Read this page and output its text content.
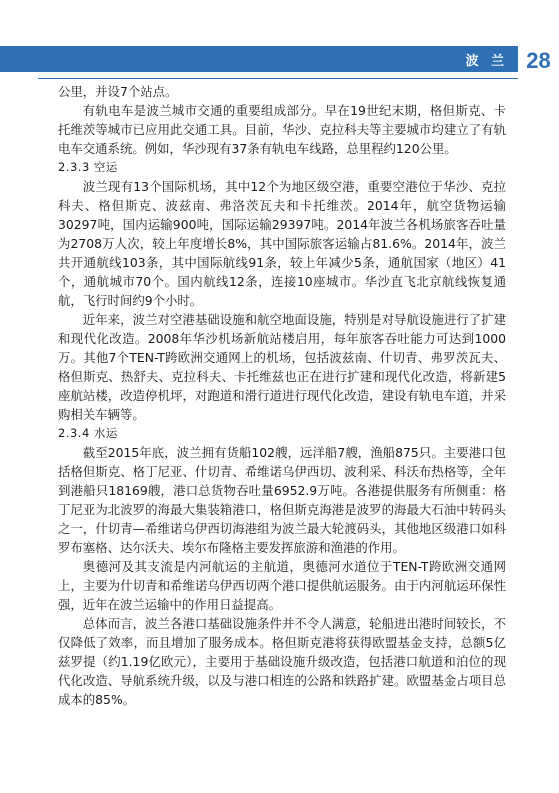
波 兰 28

公里，并设7个站点。

有轨电车是波兰城市交通的重要组成部分。早在19世纪末期，格但斯克、卡托维茨等城市已应用此交通工具。目前，华沙、克拉科夫等主要城市均建立了有轨电车交通系统。例如，华沙现有37条有轨电车线路，总里程约120公里。

2.3.3 空运

波兰现有13个国际机场，其中12个为地区级空港，重要空港位于华沙、克拉科夫、格但斯克、波兹南、弗洛茨瓦夫和卡托维茨。2014年，航空货物运输30297吨，国内运输900吨，国际运输29397吨。2014年波兰各机场旅客吞吐量为2708万人次，较上年度增长8%，其中国际旅客运输占81.6%。2014年，波兰共开通航线103条，其中国际航线91条，较上年减少5条，通航国家（地区）41个，通航城市70个。国内航线12条，连接10座城市。华沙直飞北京航线恢复通航，飞行时间约9个小时。

近年来，波兰对空港基础设施和航空地面设施，特别是对导航设施进行了扩建和现代化改造。2008年华沙机场新航站楼启用，每年旅客吞吐能力可达到1000万。其他7个TEN-T跨欧洲交通网上的机场，包括波兹南、什切青、弗罗茨瓦夫、格但斯克、热舒夫、克拉科夫、卡托维兹也正在进行扩建和现代化改造，将新建5座航站楼，改造停机坪，对跑道和滑行道进行现代化改造，建设有轨电车道，并采购相关车辆等。

2.3.4 水运

截至2015年底，波兰拥有货船102艘，远洋船7艘，渔船875只。主要港口包括格但斯克、格丁尼亚、什切青、希维诺乌伊西切、波利采、科沃布热格等，全年到港船只18169艘，港口总货物吞吐量6952.9万吨。各港提供服务有所侧重：格丁尼亚为北波罗的海最大集装箱港口，格但斯克海港是波罗的海最大石油中转码头之一，什切青—希维诺乌伊西切海港组为波兰最大轮渡码头，其他地区级港口如科罗布塞格、达尔沃夫、埃尔布隆格主要发挥旅游和渔港的作用。

奥德河及其支流是内河航运的主航道，奥德河水道位于TEN-T跨欧洲交通网上，主要为什切青和希维诺乌伊西切两个港口提供航运服务。由于内河航运环保性强，近年在波兰运输中的作用日益提高。

总体而言，波兰各港口基础设施条件并不令人满意，轮船进出港时间较长，不仅降低了效率，而且增加了服务成本。格但斯克港将获得欧盟基金支持，总额5亿兹罗提（约1.19亿欧元），主要用于基础设施升级改造，包括港口航道和泊位的现代化改造、导航系统升级，以及与港口相连的公路和铁路扩建。欧盟基金占项目总成本的85%。
